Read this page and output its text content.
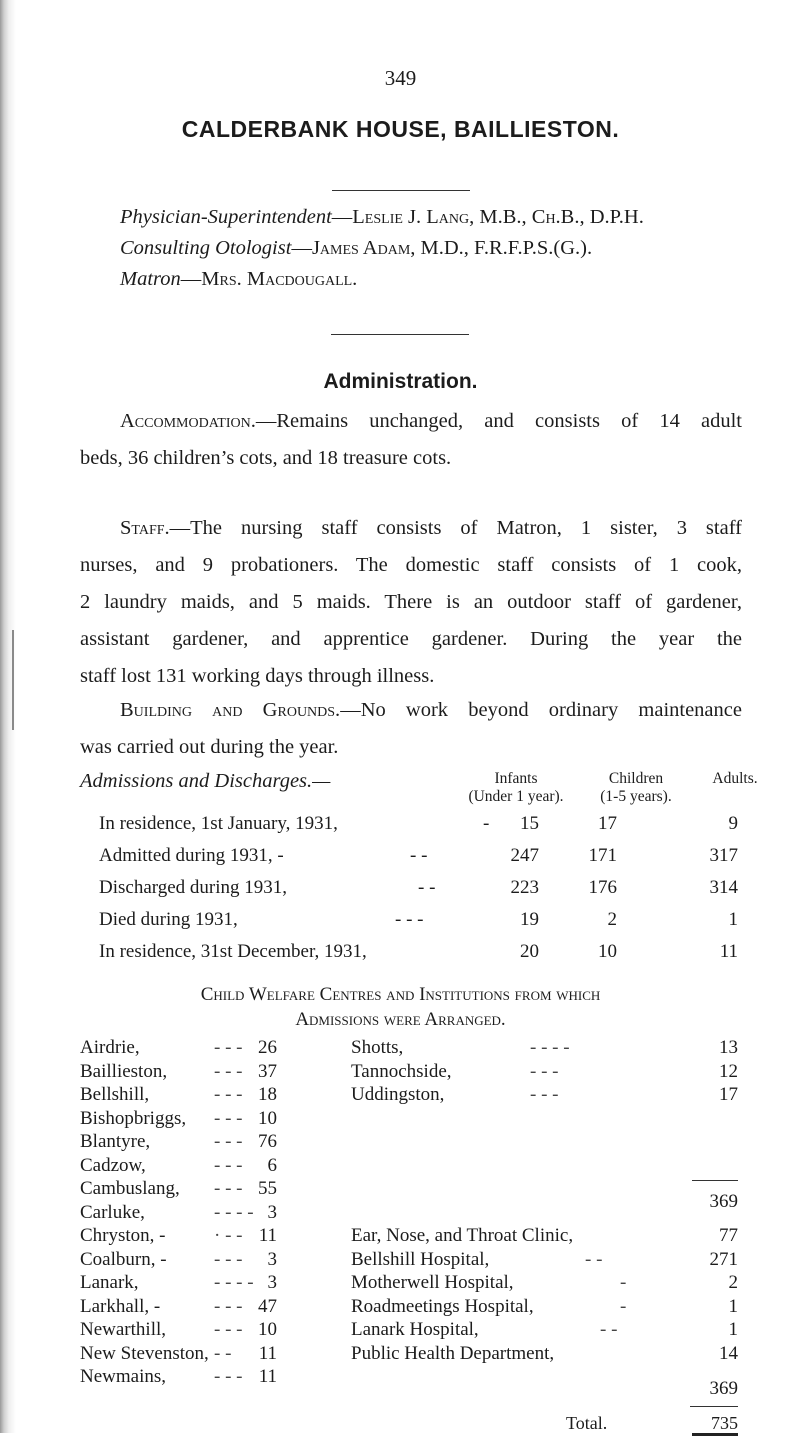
349
CALDERBANK HOUSE, BAILLIESTON.
Physician-Superintendent—Leslie J. Lang, M.B., Ch.B., D.P.H.
Consulting Otologist—James Adam, M.D., F.R.F.P.S.(G.).
Matron—Mrs. Macdougall.
Administration.
Accommodation.—Remains unchanged, and consists of 14 adult
beds, 36 children’s cots, and 18 treasure cots.
Staff.—The nursing staff consists of Matron, 1 sister, 3 staff
nurses, and 9 probationers. The domestic staff consists of 1 cook,
2 laundry maids, and 5 maids. There is an outdoor staff of gardener,
assistant gardener, and apprentice gardener. During the year the
staff lost 131 working days through illness.
Building and Grounds.—No work beyond ordinary maintenance
was carried out during the year.
Admissions and Discharges.—	Infants
(Under 1 year).
Children
(1-5 years).
Adults.
In residence, 1st January, 1931,	-	15	17	9
Admitted during 1931, -	- -	247	171	317
Discharged during 1931,	- -	223	176	314
Died during 1931,	- - -	19	2	1
In residence, 31st December, 1931,	20	10	11
Child Welfare Centres and Institutions from which
Admissions were Arranged.
Airdrie,	- - - 26
Baillieston, - - - 37
Bellshill,	- - - 18
Bishopbriggs, - - - 10
Blantyre,	- - - 76
Cadzow,	- - -	6
Cambuslang, - - - 55
Carluke,	- - - - 3
Chryston, -	· - - 11
Coalburn, - - - -	3
Lanark,	- - - - 3
Larkhall, -	- - - 47
Newarthill,	- - - 10
New Stevenston, - -	11
Newmains,	- - - 11
Shotts,	- - - -	13
Tannochside,	- - -	12
Uddingston,	- - -	17
369
Ear, Nose, and Throat Clinic,	77
Bellshill Hospital,	- -	271
Motherwell Hospital,	-	2
Roadmeetings Hospital,	-	1
Lanark Hospital,	- -	1
Public Health Department,	14
369
Total.	735
